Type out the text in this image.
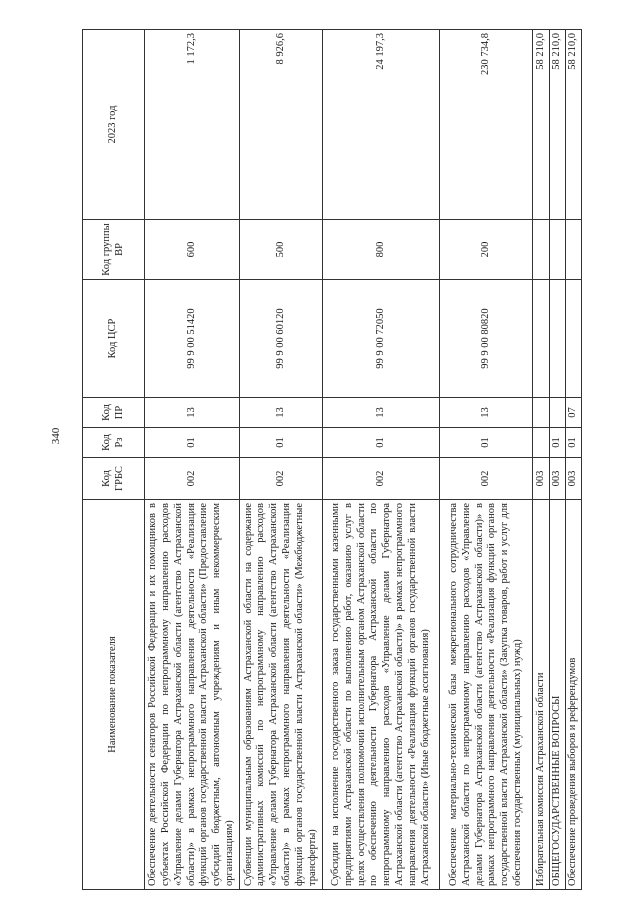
340
Наименование показателя	Код ГРБС	Код Рз	Код ПР	Код ЦСР	Код группы ВР	2023 год
Обеспечение деятельности сенаторов Российской Федерации и их помощников в субъектах Российской Федерации по непрограммному направлению расходов «Управление делами Губернатора Астраханской области (агентство Астраханской области)» в рамках непрограммного направления деятельности «Реализация функций органов государственной власти Астраханской области» (Предоставление субсидий бюджетным, автономным учреждениям и иным некоммерческим организациям)	002	01	13	99 9 00 51420	600	1 172,3
Субвенции муниципальным образованиям Астраханской области на содержание административных комиссий по непрограммному направлению расходов «Управление делами Губернатора Астраханской области (агентство Астраханской области)» в рамках непрограммного направления деятельности «Реализация функций органов государственной власти Астраханской области» (Межбюджетные трансферты)	002	01	13	99 9 00 60120	500	8 926,6
Субсидии на исполнение государственного заказа государственными казенными предприятиями Астраханской области по выполнению работ, оказанию услуг в целях осуществления полномочий исполнительным органом Астраханской области по обеспечению деятельности Губернатора Астраханской области по непрограммному направлению расходов «Управление делами Губернатора Астраханской области (агентство Астраханской области)» в рамках непрограммного направления деятельности «Реализация функций органов государственной власти Астраханской области» (Иные бюджетные ассигнования)	002	01	13	99 9 00 72050	800	24 197,3
Обеспечение материально-технической базы межрегионального сотрудничества Астраханской области по непрограммному направлению расходов «Управление делами Губернатора Астраханской области (агентство Астраханской области)» в рамках непрограммного направления деятельности «Реализация функций органов государственной власти Астраханской области» (Закупка товаров, работ и услуг для обеспечения государственных (муниципальных) нужд)	002	01	13	99 9 00 80820	200	230 734,8
Избирательная комиссия Астраханской области	003					58 210,0
ОБЩЕГОСУДАРСТВЕННЫЕ ВОПРОСЫ	003	01				58 210,0
Обеспечение проведения выборов и референдумов	003	01	07			58 210,0
